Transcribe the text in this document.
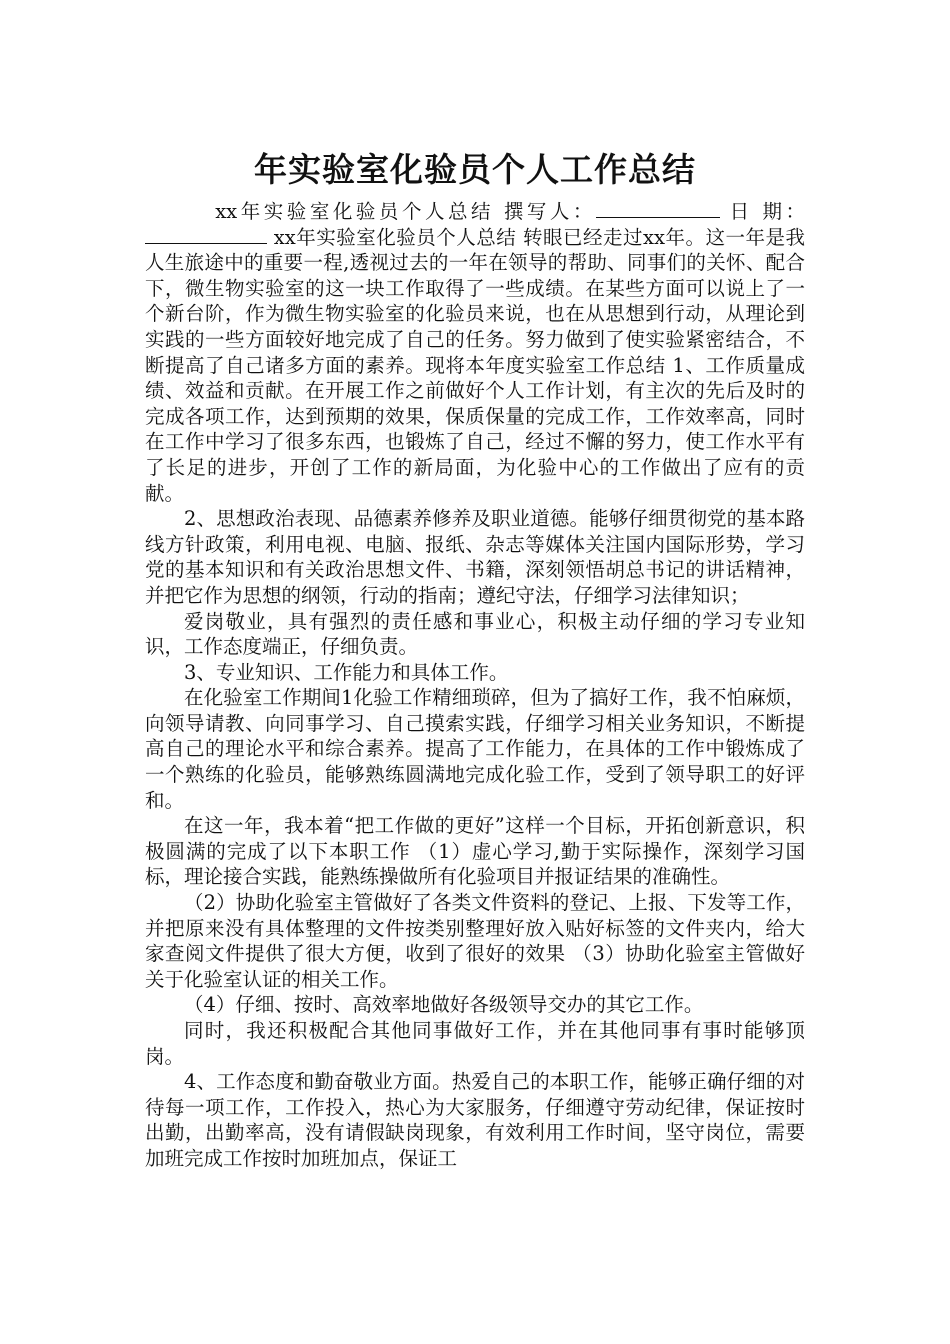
年实验室化验员个人工作总结

xx年实验室化验员个人总结 撰写人：	日 期： xx年实验室化验员个人总结 转眼已经走过xx年。这一年是我人生旅途中的重要一程,透视过去的一年在领导的帮助、同事们的关怀、配合下，微生物实验室的这一块工作取得了一些成绩。在某些方面可以说上了一个新台阶，作为微生物实验室的化验员来说，也在从思想到行动，从理论到实践的一些方面较好地完成了自己的任务。努力做到了使实验紧密结合，不断提高了自己诸多方面的素养。现将本年度实验室工作总结 1、工作质量成绩、效益和贡献。在开展工作之前做好个人工作计划，有主次的先后及时的完成各项工作，达到预期的效果，保质保量的完成工作，工作效率高，同时在工作中学习了很多东西，也锻炼了自己，经过不懈的努力，使工作水平有了长足的进步，开创了工作的新局面，为化验中心的工作做出了应有的贡献。

2、思想政治表现、品德素养修养及职业道德。能够仔细贯彻党的基本路线方针政策，利用电视、电脑、报纸、杂志等媒体关注国内国际形势，学习党的基本知识和有关政治思想文件、书籍，深刻领悟胡总书记的讲话精神，并把它作为思想的纲领，行动的指南；遵纪守法，仔细学习法律知识；

爱岗敬业，具有强烈的责任感和事业心，积极主动仔细的学习专业知识，工作态度端正，仔细负责。

3、专业知识、工作能力和具体工作。

在化验室工作期间1化验工作精细琐碎，但为了搞好工作，我不怕麻烦，向领导请教、向同事学习、自己摸索实践，仔细学习相关业务知识，不断提高自己的理论水平和综合素养。提高了工作能力，在具体的工作中锻炼成了一个熟练的化验员，能够熟练圆满地完成化验工作，受到了领导职工的好评和。

在这一年，我本着“把工作做的更好”这样一个目标，开拓创新意识，积极圆满的完成了以下本职工作 （1）虚心学习,勤于实际操作，深刻学习国标，理论接合实践，能熟练操做所有化验项目并报证结果的准确性。

（2）协助化验室主管做好了各类文件资料的登记、上报、下发等工作，并把原来没有具体整理的文件按类别整理好放入贴好标签的文件夹内，给大家查阅文件提供了很大方便，收到了很好的效果 （3）协助化验室主管做好关于化验室认证的相关工作。

（4）仔细、按时、高效率地做好各级领导交办的其它工作。

同时，我还积极配合其他同事做好工作，并在其他同事有事时能够顶岗。

4、工作态度和勤奋敬业方面。热爱自己的本职工作，能够正确仔细的对待每一项工作，工作投入，热心为大家服务，仔细遵守劳动纪律，保证按时出勤，出勤率高，没有请假缺岗现象，有效利用工作时间，坚守岗位，需要加班完成工作按时加班加点，保证工
